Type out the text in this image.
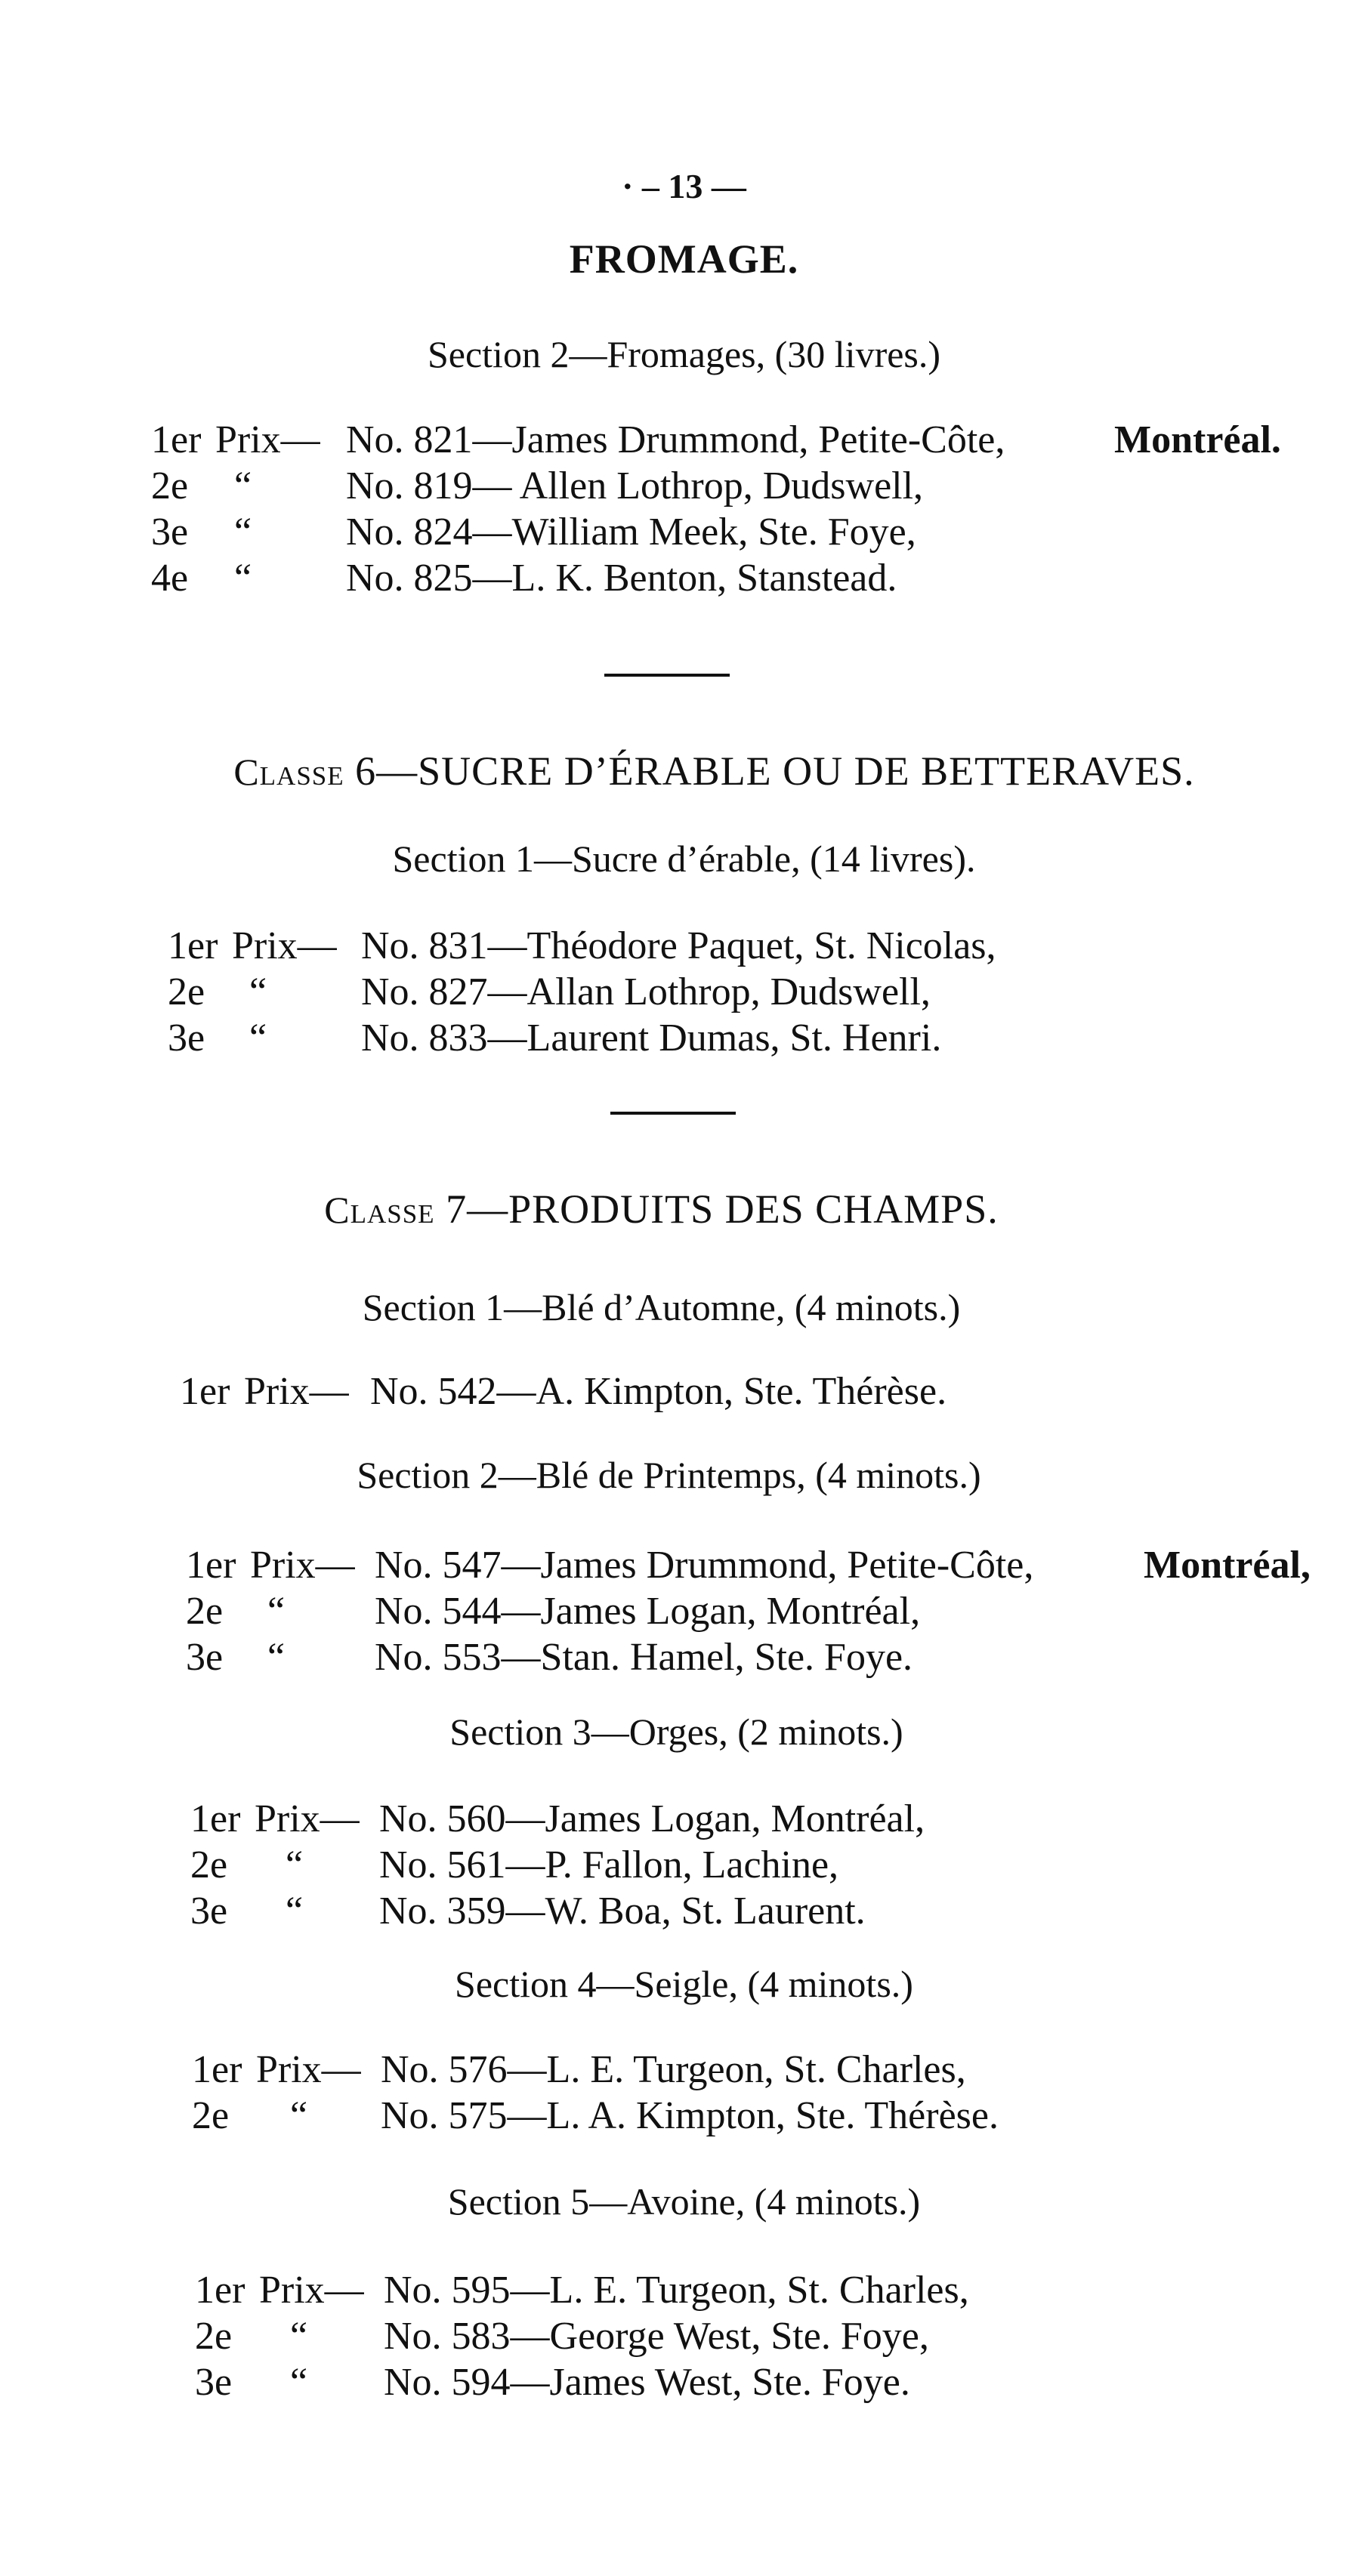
· – 13 —
FROMAGE.
Section 2—Fromages, (30 livres.)
1er Prix— No. 821—James Drummond, Petite-Côte,	Montréal.
2e “ No. 819— Allen Lothrop, Dudswell,
3e “ No. 824—William Meek, Ste. Foye,
4e “ No. 825—L. K. Benton, Stanstead.
Classe 6—SUCRE D’ÉRABLE OU DE BETTERAVES.
Section 1—Sucre d’érable, (14 livres).
1er Prix— No. 831—Théodore Paquet, St. Nicolas,
2e “ No. 827—Allan Lothrop, Dudswell,
3e “ No. 833—Laurent Dumas, St. Henri.
Classe 7—PRODUITS DES CHAMPS.
Section 1—Blé d’Automne, (4 minots.)
1er Prix— No. 542—A. Kimpton, Ste. Thérèse.
Section 2—Blé de Printemps, (4 minots.)
1er Prix— No. 547—James Drummond, Petite-Côte,	Montréal,
2e “ No. 544—James Logan, Montréal,
3e “ No. 553—Stan. Hamel, Ste. Foye.
Section 3—Orges, (2 minots.)
1er Prix— No. 560—James Logan, Montréal,
2e “ No. 561—P. Fallon, Lachine,
3e “ No. 359—W. Boa, St. Laurent.
Section 4—Seigle, (4 minots.)
1er Prix— No. 576—L. E. Turgeon, St. Charles,
2e “ No. 575—L. A. Kimpton, Ste. Thérèse.
Section 5—Avoine, (4 minots.)
1er Prix— No. 595—L. E. Turgeon, St. Charles,
2e “ No. 583—George West, Ste. Foye,
3e “ No. 594—James West, Ste. Foye.
